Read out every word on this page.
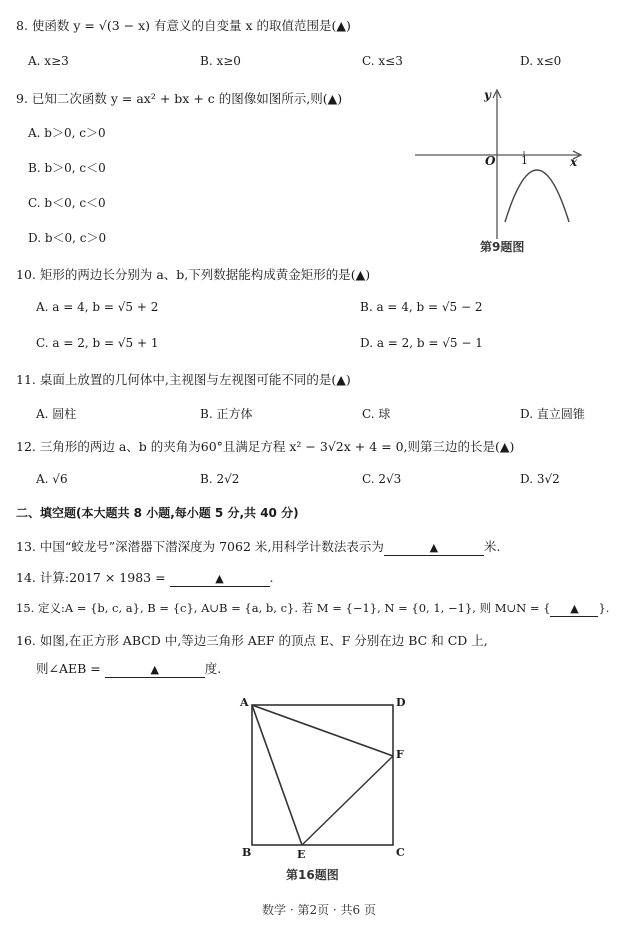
8. 使函数 y = √(3 − x) 有意义的自变量 x 的取值范围是(▲)
A. x≥3	B. x≥0	C. x≤3	D. x≤0
9. 已知二次函数 y = ax² + bx + c 的图像如图所示,则(▲)
A. b＞0, c＞0
B. b＞0, c＜0
C. b＜0, c＜0
D. b＜0, c＞0
y
x
O 1
第9题图
10. 矩形的两边长分别为 a、b,下列数据能构成黄金矩形的是(▲)
A. a = 4, b = √5 + 2	B. a = 4, b = √5 − 2
C. a = 2, b = √5 + 1	D. a = 2, b = √5 − 1
11. 桌面上放置的几何体中,主视图与左视图可能不同的是(▲)
A. 圆柱	B. 正方体	C. 球	D. 直立圆锥
12. 三角形的两边 a、b 的夹角为60°且满足方程 x² − 3√2x + 4 = 0,则第三边的长是(▲)
A. √6	B. 2√2	C. 2√3	D. 3√2
二、填空题(本大题共 8 小题,每小题 5 分,共 40 分)
13. 中国“蛟龙号”深潜器下潜深度为 7062 米,用科学计数法表示为	▲	米.
14. 计算:2017 × 1983 =	▲	.
15. 定义:A = {b, c, a}, B = {c}, A∪B = {a, b, c}. 若 M = {−1}, N = {0, 1, −1}, 则 M∪N = { ▲ }.
16. 如图,在正方形 ABCD 中,等边三角形 AEF 的顶点 E、F 分别在边 BC 和 CD 上,
则∠AEB =	▲	度.
A	D
F
B	E	C
第16题图
数学 · 第2页 · 共6 页
